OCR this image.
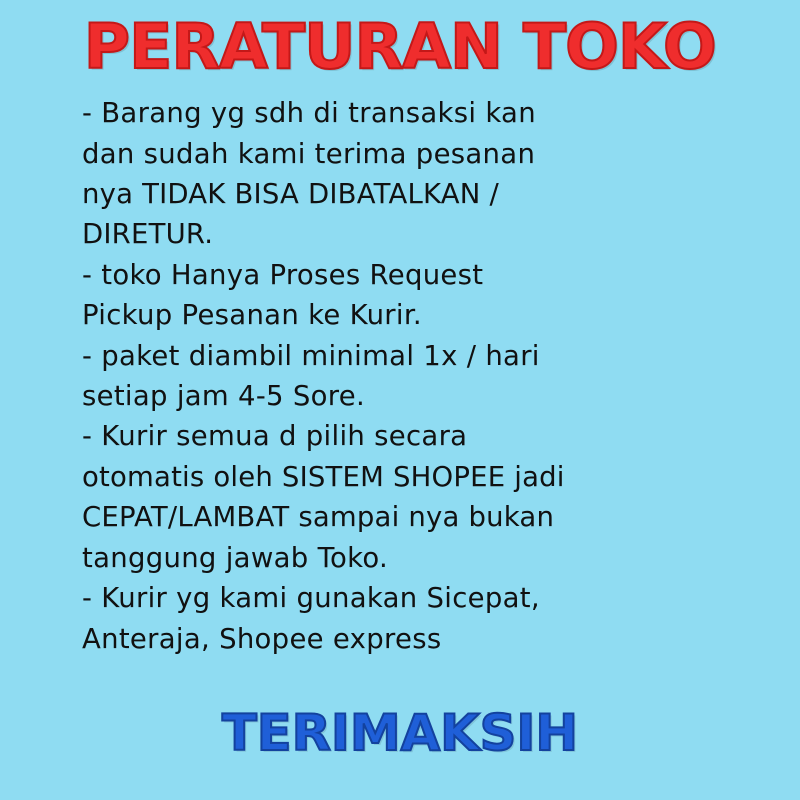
PERATURAN TOKO
- Barang yg sdh di transaksi kan
dan sudah kami terima pesanan
nya TIDAK BISA DIBATALKAN /
DIRETUR.
- toko Hanya Proses Request
Pickup Pesanan ke Kurir.
- paket diambil minimal 1x / hari
setiap jam 4-5 Sore.
- Kurir semua d pilih secara
otomatis oleh SISTEM SHOPEE jadi
CEPAT/LAMBAT sampai nya bukan
tanggung jawab Toko.
- Kurir yg kami gunakan Sicepat,
Anteraja, Shopee express
TERIMAKSIH
